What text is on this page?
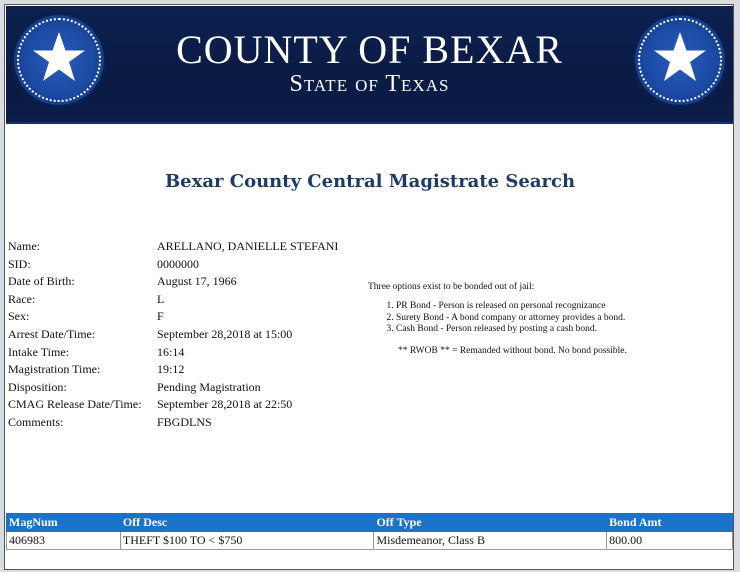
COUNTY OF BEXAR
State of Texas
Bexar County Central Magistrate Search
Name:	ARELLANO, DANIELLE STEFANI
SID:	0000000
Date of Birth:	August 17, 1966
Race:	L
Sex:	F
Arrest Date/Time:	September 28,2018 at 15:00
Intake Time:	16:14
Magistration Time:	19:12
Disposition:	Pending Magistration
CMAG Release Date/Time:	September 28,2018 at 22:50
Comments:	FBGDLNS

Three options exist to be bonded out of jail:

1. PR Bond - Person is released on personal recognizance
2. Surety Bond - A bond company or attorney provides a bond.
3. Cash Bond - Person released by posting a cash bond.

** RWOB ** = Remanded without bond. No bond possible.

MagNum	Off Desc	Off Type	Bond Amt
406983	THEFT $100 TO < $750	Misdemeanor, Class B	800.00
